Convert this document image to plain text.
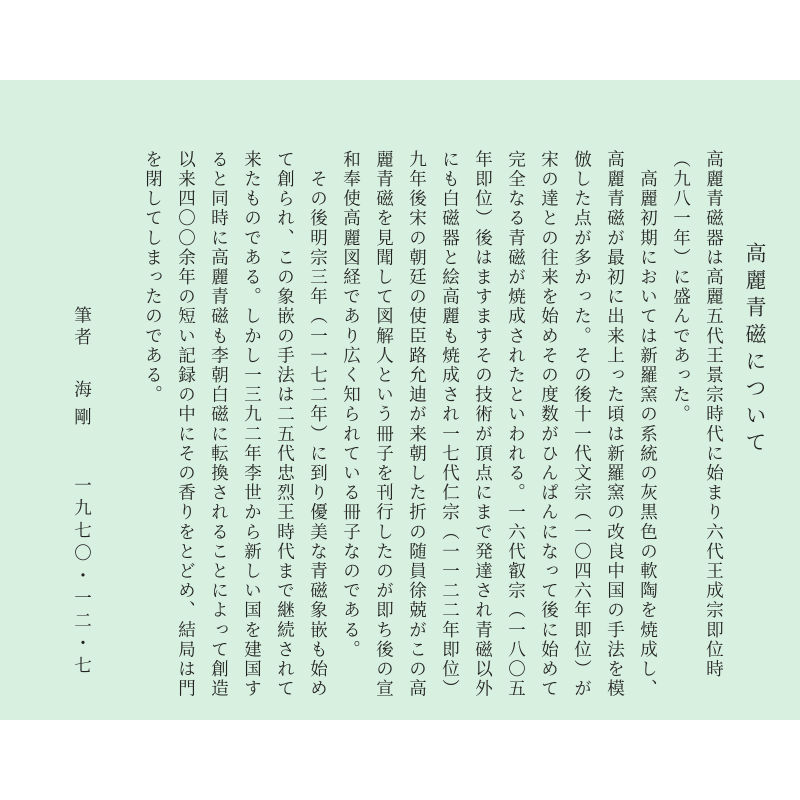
高麗青磁について
高麗青磁器は高麗五代王景宗時代に始まり六代王成宗即位時
（九八一年）に盛んであった。
　高麗初期においては新羅窯の系統の灰黒色の軟陶を焼成し、
高麗青磁が最初に出来上った頃は新羅窯の改良中国の手法を模
倣した点が多かった。その後十一代文宗（一〇四六年即位）が
宋の達との往来を始めその度数がひんぱんになって後に始めて
完全なる青磁が焼成されたといわれる。一六代叡宗（一八〇五
年即位）後はますますその技術が頂点にまで発達され青磁以外
にも白磁器と絵高麗も焼成され一七代仁宗（一一二二年即位）
九年後宋の朝廷の使臣路允迪が来朝した折の随員徐兢がこの高
麗青磁を見聞して図解人という冊子を刊行したのが即ち後の宣
和奉使高麗図経であり広く知られている冊子なのである。
　その後明宗三年（一一七二年）に到り優美な青磁象嵌も始め
て創られ、この象嵌の手法は二五代忠烈王時代まで継続されて
来たものである。しかし一三九二年李世から新しい国を建国す
ると同時に高麗青磁も李朝白磁に転換されることによって創造
以来四〇〇余年の短い記録の中にその香りをとどめ、結局は門
を閉してしまったのである。
筆者
海剛
一九七〇・一二・七
